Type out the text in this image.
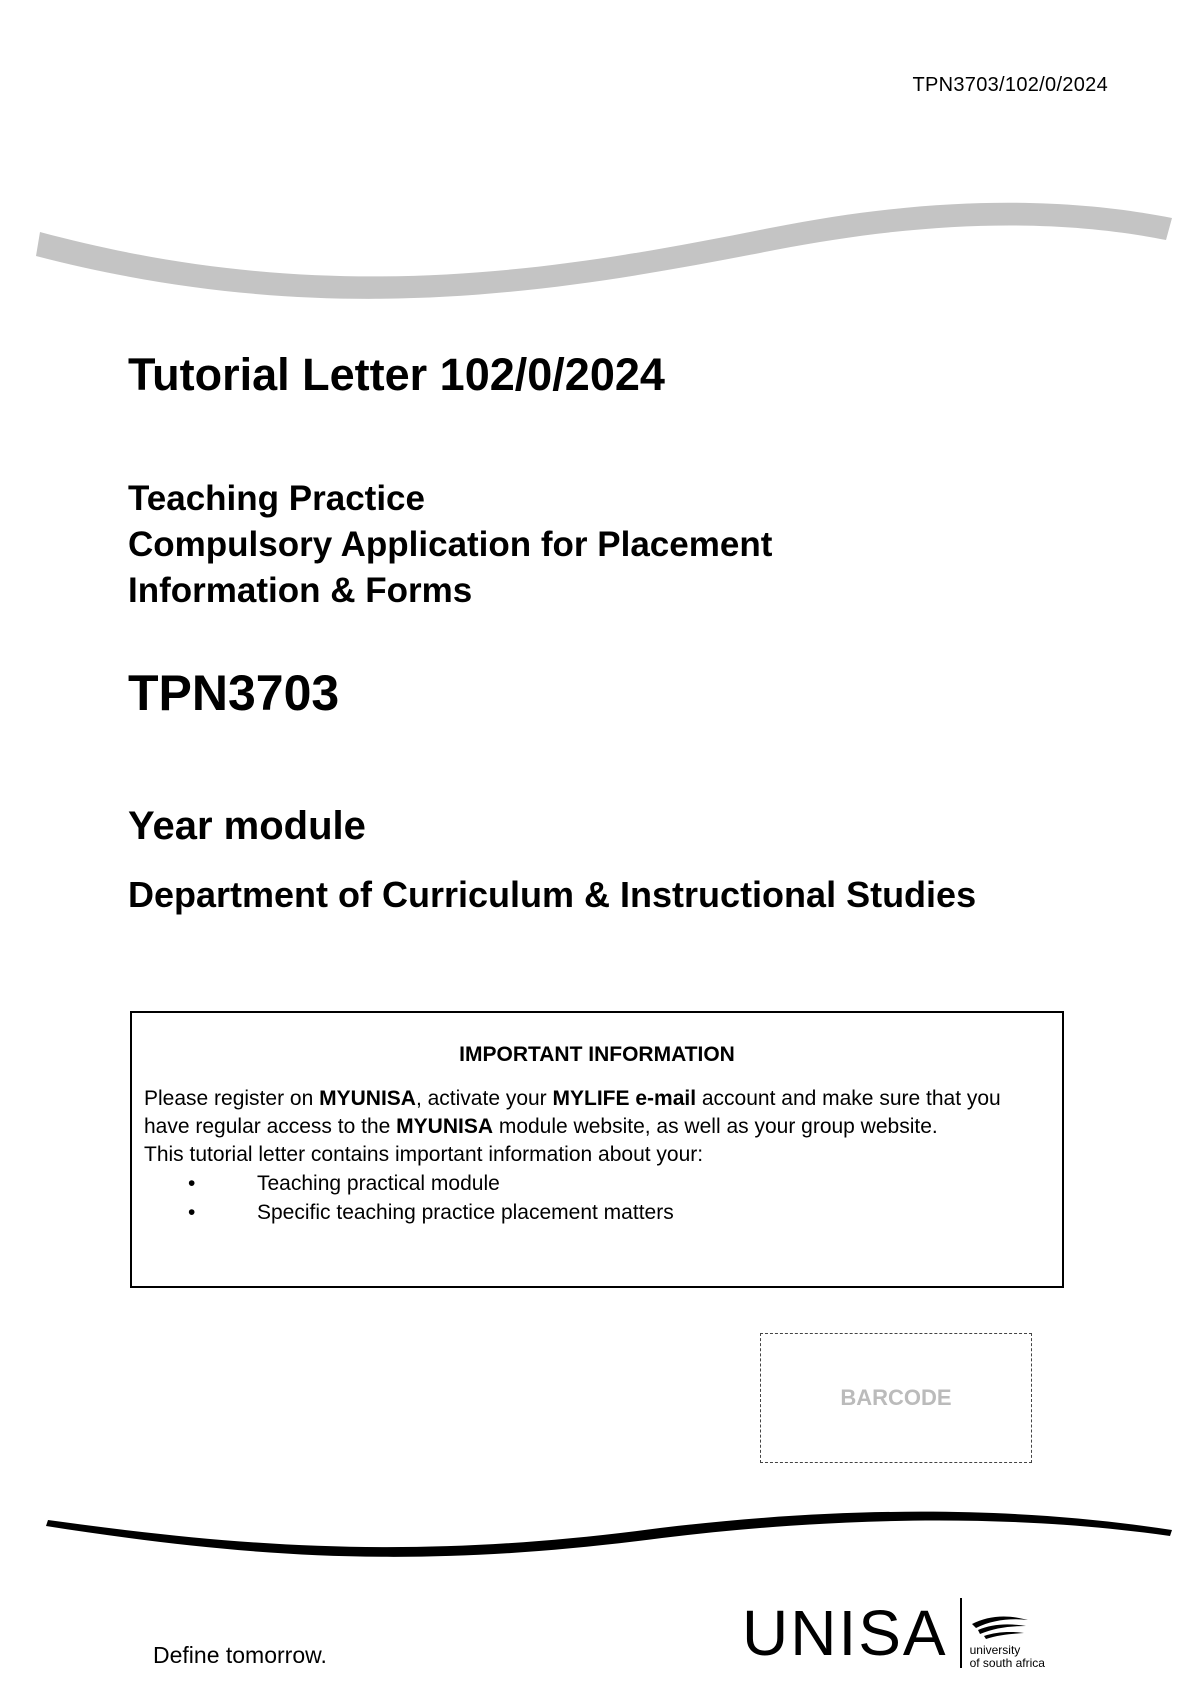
TPN3703/102/0/2024
Tutorial Letter 102/0/2024
Teaching Practice
Compulsory Application for Placement
Information & Forms
TPN3703
Year module
Department of Curriculum & Instructional Studies
IMPORTANT INFORMATION
Please register on MYUNISA, activate your MYLIFE e-mail account and make sure that you have regular access to the MYUNISA module website, as well as your group website.
This tutorial letter contains important information about your:
•	Teaching practical module
•	Specific teaching practice placement matters
BARCODE
Define tomorrow.	UNISA university
of south africa
